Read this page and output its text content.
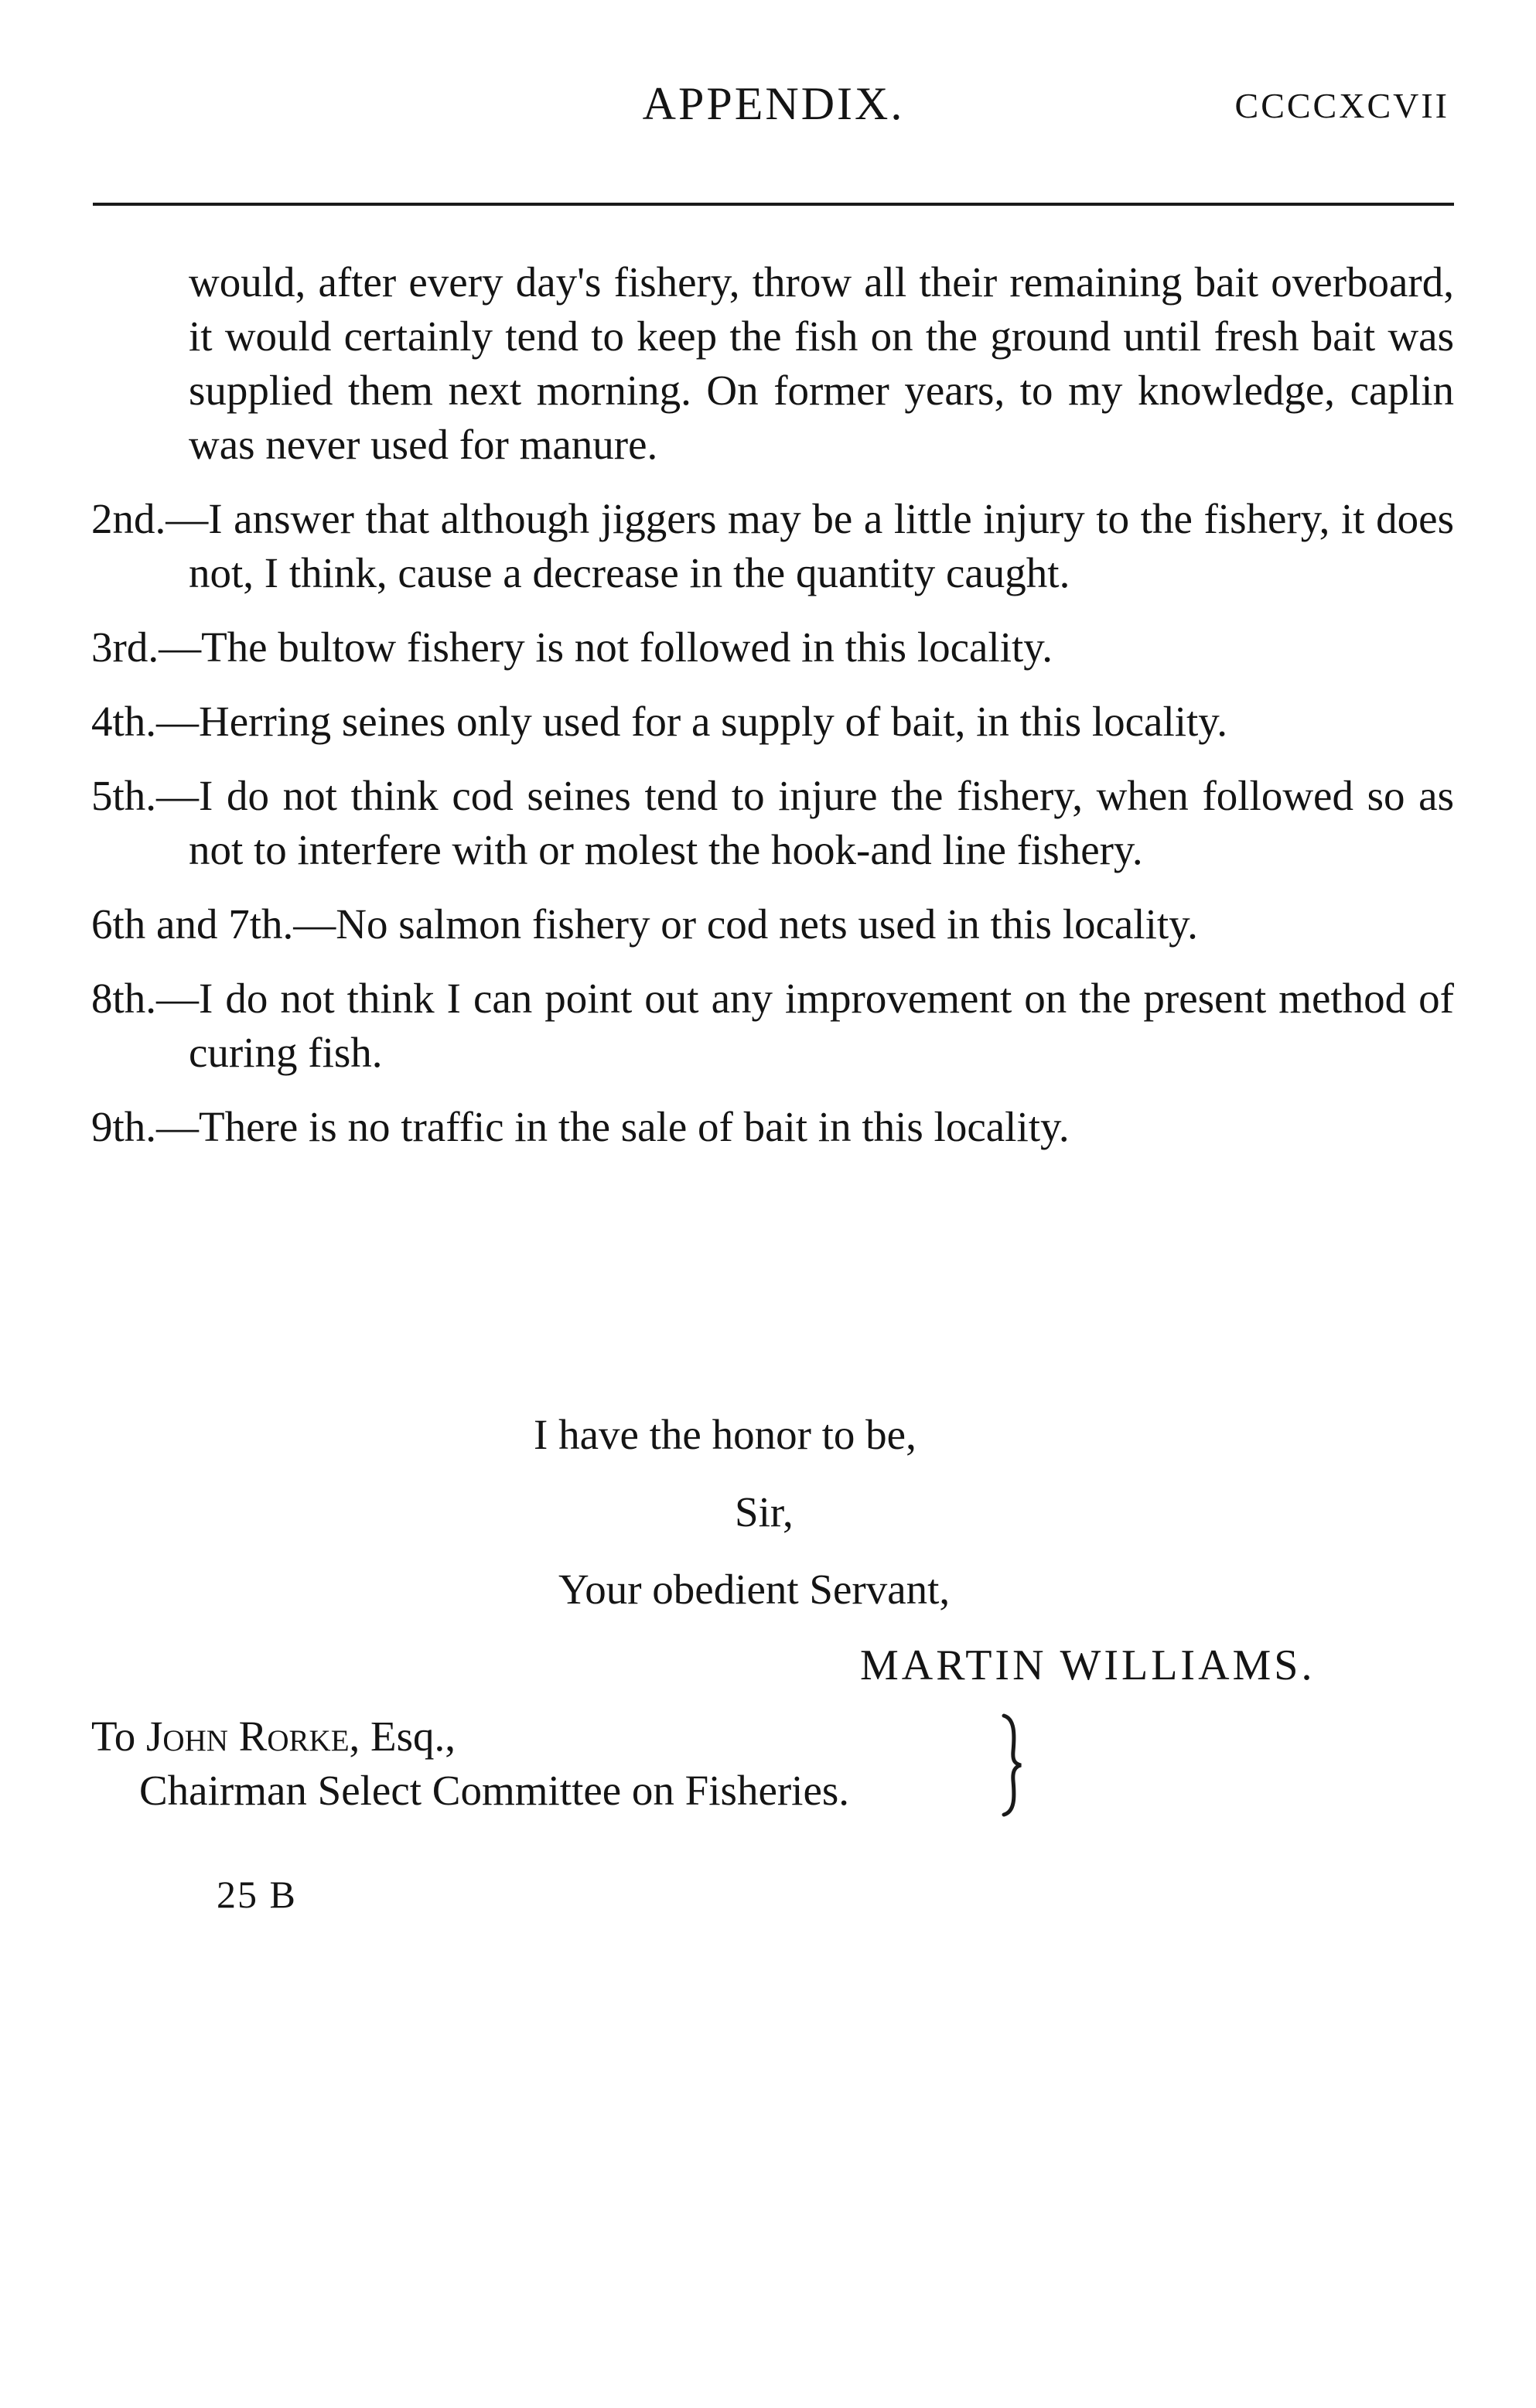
APPENDIX.	CCCCXCVII

would, after every day's fishery, throw all their remaining bait overboard, it would certainly tend to keep the fish on the ground until fresh bait was supplied them next morning. On former years, to my knowledge, caplin was never used for manure.

2nd.—I answer that although jiggers may be a little injury to the fishery, it does not, I think, cause a decrease in the quantity caught.

3rd.—The bultow fishery is not followed in this locality.

4th.—Herring seines only used for a supply of bait, in this locality.

5th.—I do not think cod seines tend to injure the fishery, when followed so as not to interfere with or molest the hook-and line fishery.

6th and 7th.—No salmon fishery or cod nets used in this locality.

8th.—I do not think I can point out any improvement on the present method of curing fish.

9th.—There is no traffic in the sale of bait in this locality.

I have the honor to be,
Sir,
Your obedient Servant,
MARTIN WILLIAMS.
To John Rorke, Esq.,
Chairman Select Committee on Fisheries.
25 B
